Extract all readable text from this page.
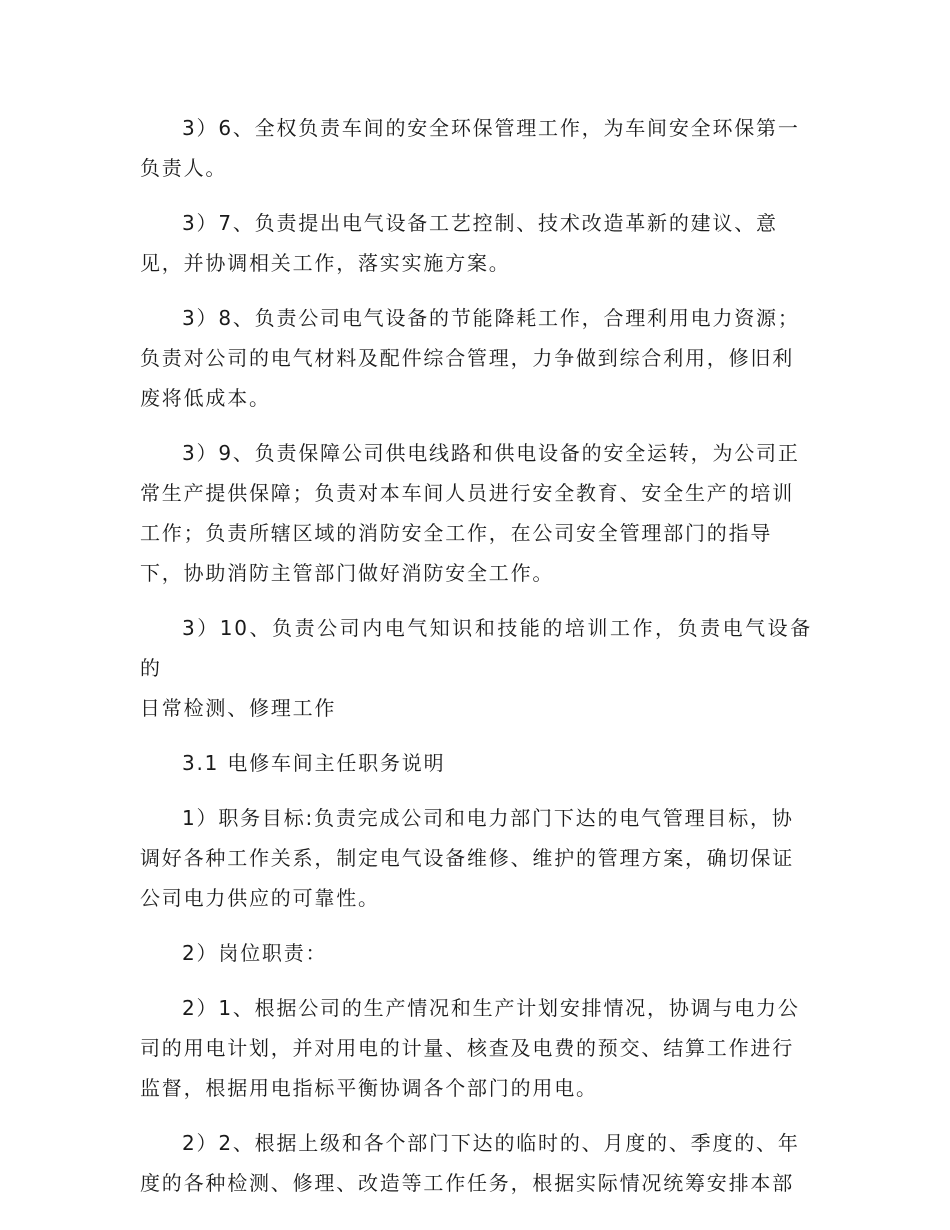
3）6、全权负责车间的安全环保管理工作，为车间安全环保第一
负责人。

3）7、负责提出电气设备工艺控制、技术改造革新的建议、意
见，并协调相关工作，落实实施方案。

3）8、负责公司电气设备的节能降耗工作，合理利用电力资源；
负责对公司的电气材料及配件综合管理，力争做到综合利用，修旧利
废将低成本。

3）9、负责保障公司供电线路和供电设备的安全运转，为公司正
常生产提供保障；负责对本车间人员进行安全教育、安全生产的培训
工作；负责所辖区域的消防安全工作，在公司安全管理部门的指导
下，协助消防主管部门做好消防安全工作。

3）10、负责公司内电气知识和技能的培训工作，负责电气设备的
日常检测、修理工作

3.1 电修车间主任职务说明

1）职务目标:负责完成公司和电力部门下达的电气管理目标，协
调好各种工作关系，制定电气设备维修、维护的管理方案，确切保证
公司电力供应的可靠性。

2）岗位职责：

2）1、根据公司的生产情况和生产计划安排情况，协调与电力公
司的用电计划，并对用电的计量、核查及电费的预交、结算工作进行
监督，根据用电指标平衡协调各个部门的用电。

2）2、根据上级和各个部门下达的临时的、月度的、季度的、年
度的各种检测、修理、改造等工作任务，根据实际情况统筹安排本部
